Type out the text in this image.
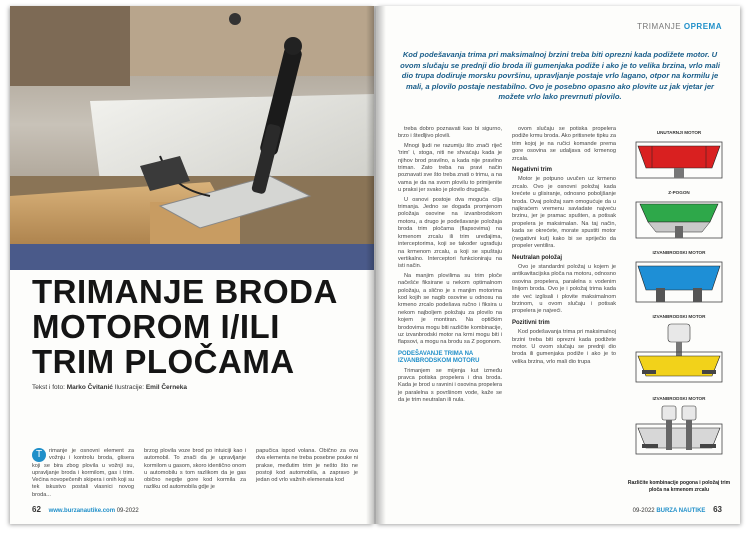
TRIMANJE BRODA
MOTOROM I/ILI
TRIM PLOČAMA
Tekst i foto: Marko Čvitanić Ilustracije: Emil Černeka
T	rimanje je osnovni element za vožnju i kontrolu broda, glisera koji se bira zbog plovila u vožnji su, upravljanje broda i kormilom, gas i trim. Većina novopečenih skipera i onih koji su tek iskustvo postali vlasnici novog broda...
brzog plovila voze brod po intuiciji kao i automobil. To znači da je upravljanje kormilom u gasom, skoro identično onom u automobilu s tom razlikom da je gas obično negdje gore kod kormila za razliku od automobila gdje je
papučica ispod volana. Obično za ova dva elementa ne treba posebne pouke ni prakse, međutim trim je nešto što ne postoji kod automobila, a zapravo je jedan od vrlo važnih elemenata kod
62 www.burzanautike.com 09-2022
TRIMANJE OPREMA
Kod podešavanja trima pri maksimalnoj brzini treba biti oprezni kada podižete motor. U ovom slučaju se prednji dio broda ili gumenjaka podiže i ako je to velika brzina, vrlo mali dio trupa dodiruje morsku površinu, upravljanje postaje vrlo lagano, otpor na kormilu je mali, a plovilo postaje nestabilno. Ovo je posebno opasno ako plovite uz jak vjetar jer možete vrlo lako prevrnuti plovilo.

treba dobro poznavati kao bi sigurno, brzo i štedljivo plovili.

Mnogi ljudi ne razumiju što znači riječ 'trim' i, stoga, niti ne shvaćaju kada je njihov brod pravilno, a kada nije pravilno triman. Zato treba na pravi način poznavati sve što treba znati o trimu, a na vama je da na svom plovilu to primijenite u praksi jer svako je plovilo drugačije.

U osnovi postoje dva moguća cilja trimanja. Jedno se događa promjenom položaja osovine na izvanbrodskom motoru, a drugo je podešavanje položaja broda trim pločama (flapsovima) na krmenom zrcalu ili trim uređajima, interceptorima, koji se također ugrađuju na krmenom zrcalu, a koji se spuštaju vertikalno. Interceptori funkcioniraju na isti način.

Na manjim plovilima su trim ploče načešće fiksirane u nekom optimalnom položaju, a slično je s manjim motorima kod kojih se nagib osovine u odnosu na krmeno zrcalo podešava ručno i fiksira u nekom najboljem položaju za plovilo na kojem je montiran. Na optičkim brodovima mogu biti različite kombinacije, uz izvanbrodski motor na krmi mogu biti i flapsovi, a mogu na brodu sa Z pogonom.

PODEŠAVANJE TRIMA NA IZVANBRODSKOM MOTORU

Trimanjem se mijenja kut između pravca potiska propelera i dna broda. Kada je brod u ravnini i osovina propelera je paralelna s površinom vode, kaže se da je trim neutralan ili nula.

ovom slučaju se potiska propelera podiže krmu broda. Ako pritisnete tipku za trim kojoj je na ručici komande prema gore osovina se udaljava od krmenog zrcala.

Negativni trim

Motor je potpuno uvučen uz krmeno zrcalo. Ovo je osnovni položaj kada krećete u glisiranje, odnosno poboljšanje broda. Ovaj položaj sam omogućuje da u najkraćem vremenu savladate najveću brzinu, jer je pramac spušten, a potisak propelera je maksimalan. Na taj način, kada se okrećete, morate spustiti motor (negativni kut) kako bi se spriječio da propeler ventilira.

Neutralan položaj

Ovo je standardni položaj u kojem je antikavitacijska ploča na motoru, odnosno osovina propelera, paralelna s vodenim linijom broda. Ovo je i položaj trima kada ste već izglisali i plovite maksimalnom brzinom, u ovom slučaju i potisak propelera je najveći.

Pozitivni trim

Kod podešavanja trima pri maksimalnoj brzini treba biti oprezni kada podižete motor. U ovom slučaju se prednji dio broda ili gumenjaka podiže i ako je to velika brzina, vrlo mali dio trupa

UNUTARNJI MOTOR
Z-POGON
IZVANBRODSKI MOTOR
IZVANBRODSKI MOTOR
IZVANBRODSKI MOTOR
Različite kombinacije pogona i položaj trim ploča na krmenom zrcalu
09-2022 BURZA NAUTIKE 63
